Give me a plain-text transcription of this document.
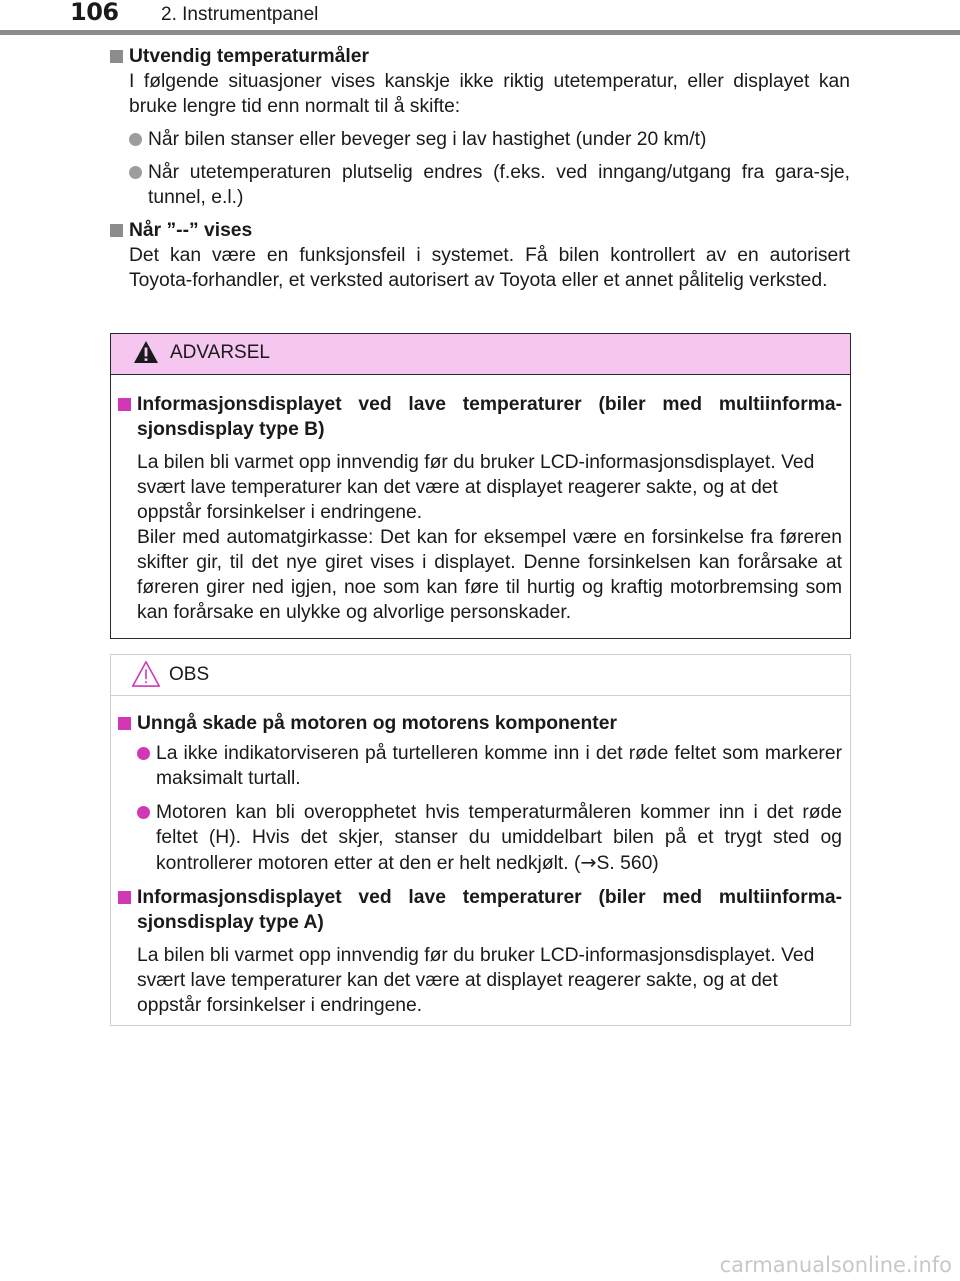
106 2. Instrumentpanel
Utvendig temperaturmåler
I følgende situasjoner vises kanskje ikke riktig utetemperatur, eller displayet kan bruke lengre tid enn normalt til å skifte:
Når bilen stanser eller beveger seg i lav hastighet (under 20 km/t)
Når utetemperaturen plutselig endres (f.eks. ved inngang/utgang fra gara-sje, tunnel, e.l.)
Når ”--” vises
Det kan være en funksjonsfeil i systemet. Få bilen kontrollert av en autorisert Toyota-forhandler, et verksted autorisert av Toyota eller et annet pålitelig verksted.
ADVARSEL
Informasjonsdisplayet ved lave temperaturer (biler med multiinforma-sjonsdisplay type B)
La bilen bli varmet opp innvendig før du bruker LCD-informasjonsdisplayet. Ved svært lave temperaturer kan det være at displayet reagerer sakte, og at det oppstår forsinkelser i endringene.
Biler med automatgirkasse: Det kan for eksempel være en forsinkelse fra føreren skifter gir, til det nye giret vises i displayet. Denne forsinkelsen kan forårsake at føreren girer ned igjen, noe som kan føre til hurtig og kraftig motorbremsing som kan forårsake en ulykke og alvorlige personskader.
OBS
Unngå skade på motoren og motorens komponenter
La ikke indikatorviseren på turtelleren komme inn i det røde feltet som markerer maksimalt turtall.
Motoren kan bli overopphetet hvis temperaturmåleren kommer inn i det røde feltet (H). Hvis det skjer, stanser du umiddelbart bilen på et trygt sted og kontrollerer motoren etter at den er helt nedkjølt. (→S. 560)
Informasjonsdisplayet ved lave temperaturer (biler med multiinforma-sjonsdisplay type A)
La bilen bli varmet opp innvendig før du bruker LCD-informasjonsdisplayet. Ved svært lave temperaturer kan det være at displayet reagerer sakte, og at det oppstår forsinkelser i endringene.
carmanualsonline.info
